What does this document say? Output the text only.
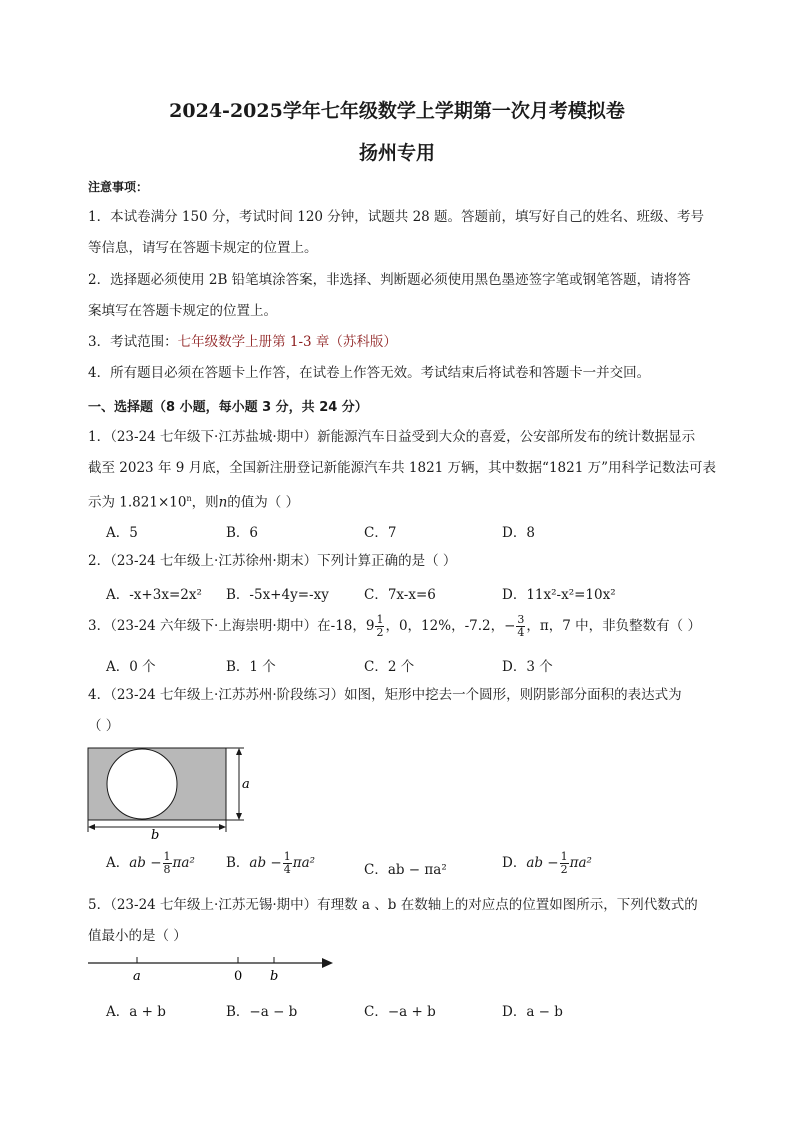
2024-2025学年七年级数学上学期第一次月考模拟卷
扬州专用
注意事项：
1．本试卷满分 150 分，考试时间 120 分钟，试题共 28 题。答题前，填写好自己的姓名、班级、考号
等信息，请写在答题卡规定的位置上。
2．选择题必须使用 2B 铅笔填涂答案，非选择、判断题必须使用黑色墨迹签字笔或钢笔答题，请将答
案填写在答题卡规定的位置上。
3．考试范围：七年级数学上册第 1-3 章（苏科版）
4．所有题目必须在答题卡上作答，在试卷上作答无效。考试结束后将试卷和答题卡一并交回。
一、选择题（8 小题，每小题 3 分，共 24 分）
1．（23-24 七年级下·江苏盐城·期中）新能源汽车日益受到大众的喜爱，公安部所发布的统计数据显示
截至 2023 年 9 月底，全国新注册登记新能源汽车共 1821 万辆，其中数据“1821 万”用科学记数法可表
示为 $1.821\times 10^n$，则n的值为（ ）
A．5	B．6	C．7	D．8
2．（23-24 七年级上·江苏徐州·期末）下列计算正确的是（ ）
A．-x+3x=2x² B．-5x+4y=-xy	C．7x-x=6	D．11x²-x²=10x²
3．（23-24 六年级下·上海崇明·期中）在-18，$9 \frac{1}{2}$ ，0，12%，-7.2，− $\frac{3}{4}$ ，π，7 中，非负整数有（ ）
A．0 个	B．1 个	C．2 个	D．3 个
4．（23-24 七年级上·江苏苏州·阶段练习）如图，矩形中挖去一个圆形，则阴影部分面积的表达式为
（ ）
a
b
A．ab − $\frac{1}{8} \pi a^2$ B．ab − $\frac{1}{4} \pi a^2$	C．ab − πa²	D．ab − $\frac{1}{2} \pi a^2$
5．（23-24 七年级上·江苏无锡·期中）有理数 a 、b 在数轴上的对应点的位置如图所示，下列代数式的
值最小的是（ ）
a	0 b
A．a + b	B．−a − b	C．−a + b	D．a − b
